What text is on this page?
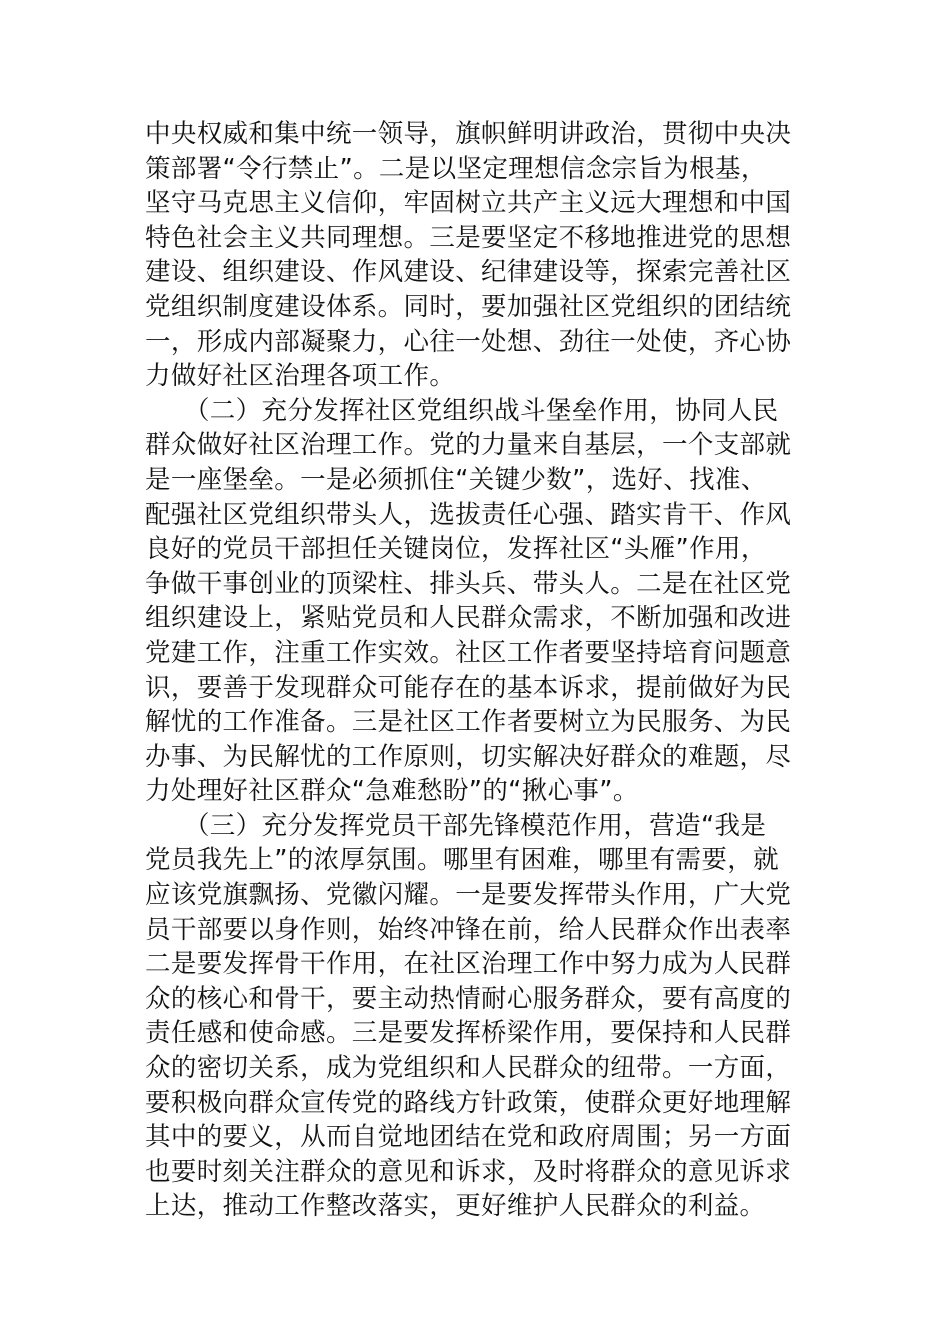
中央权威和集中统一领导，旗帜鲜明讲政治，贯彻中央决
策部署“令行禁止”。二是以坚定理想信念宗旨为根基，
坚守马克思主义信仰，牢固树立共产主义远大理想和中国
特色社会主义共同理想。三是要坚定不移地推进党的思想
建设、组织建设、作风建设、纪律建设等，探索完善社区
党组织制度建设体系。同时，要加强社区党组织的团结统
一，形成内部凝聚力，心往一处想、劲往一处使，齐心协
力做好社区治理各项工作。
　　（二）充分发挥社区党组织战斗堡垒作用，协同人民
群众做好社区治理工作。党的力量来自基层，一个支部就
是一座堡垒。一是必须抓住“关键少数”，选好、找准、
配强社区党组织带头人，选拔责任心强、踏实肯干、作风
良好的党员干部担任关键岗位，发挥社区“头雁”作用，
争做干事创业的顶梁柱、排头兵、带头人。二是在社区党
组织建设上，紧贴党员和人民群众需求，不断加强和改进
党建工作，注重工作实效。社区工作者要坚持培育问题意
识，要善于发现群众可能存在的基本诉求，提前做好为民
解忧的工作准备。三是社区工作者要树立为民服务、为民
办事、为民解忧的工作原则，切实解决好群众的难题，尽
力处理好社区群众“急难愁盼”的“揪心事”。
　　（三）充分发挥党员干部先锋模范作用，营造“我是
党员我先上”的浓厚氛围。哪里有困难，哪里有需要，就
应该党旗飘扬、党徽闪耀。一是要发挥带头作用，广大党
员干部要以身作则，始终冲锋在前，给人民群众作出表率
二是要发挥骨干作用，在社区治理工作中努力成为人民群
众的核心和骨干，要主动热情耐心服务群众，要有高度的
责任感和使命感。三是要发挥桥梁作用，要保持和人民群
众的密切关系，成为党组织和人民群众的纽带。一方面，
要积极向群众宣传党的路线方针政策，使群众更好地理解
其中的要义，从而自觉地团结在党和政府周围；另一方面
也要时刻关注群众的意见和诉求，及时将群众的意见诉求
上达，推动工作整改落实，更好维护人民群众的利益。
